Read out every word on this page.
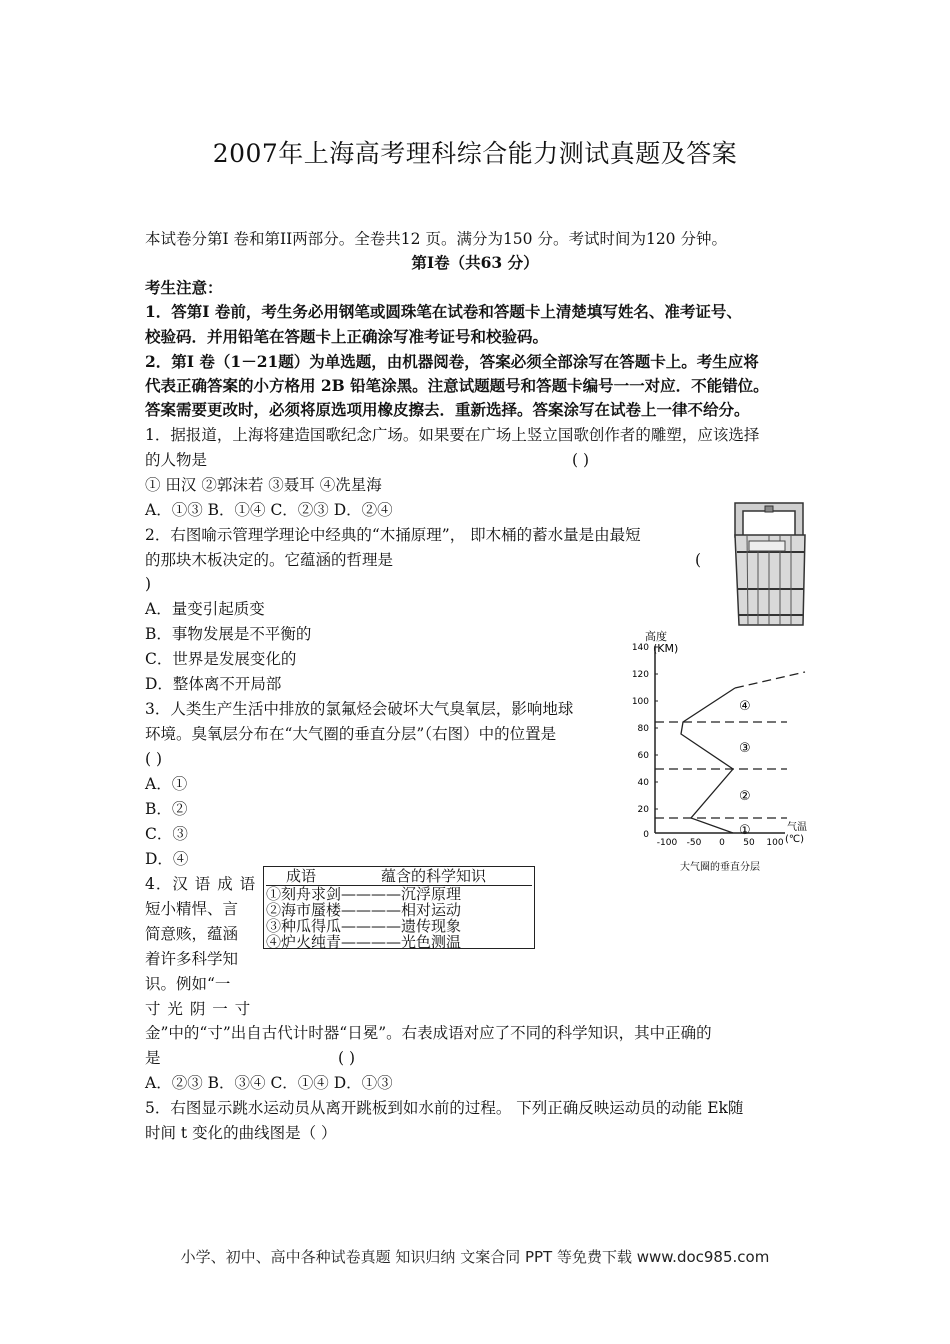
2007年上海高考理科综合能力测试真题及答案
本试卷分第Ⅰ 卷和第II两部分。全卷共12 页。满分为150 分。考试时间为120 分钟。
第Ⅰ卷（共63 分）
考生注意：
1．答第Ⅰ 卷前，考生务必用钢笔或圆珠笔在试卷和答题卡上清楚填写姓名、准考证号、
校验码．并用铅笔在答题卡上正确涂写准考证号和校验码。
2．第Ⅰ 卷（1－21题）为单选题，由机器阅卷，答案必须全部涂写在答题卡上。考生应将
代表正确答案的小方格用 2B 铅笔涂黑。注意试题题号和答题卡编号一一对应．不能错位。
答案需要更改时，必须将原选项用橡皮擦去．重新选择。答案涂写在试卷上一律不给分。
1．据报道，上海将建造国歌纪念广场。如果要在广场上竖立国歌创作者的雕塑，应该选择
的人物是	( )
① 田汉 ②郭沫若 ③聂耳 ④冼星海
A．①③ B．①④ C．②③ D．②④
2．右图喻示管理学理论中经典的“木捅原理”， 即木桶的蓄水量是由最短
的那块木板决定的。它蕴涵的哲理是	(
)
A．量变引起质变
B．事物发展是不平衡的
C．世界是发展变化的
D．整体离不开局部
3．人类生产生活中排放的氯氟烃会破坏大气臭氧层，影响地球
环境。臭氧层分布在“大气圈的垂直分层”（右图）中的位置是
( )
A．①
B．②
C．③
D．④
高度
(KM)
140
120
100
80
60
40
20
0
-100 -50 0 50 100
气温
(℃)
①
②
③
④
大气圈的垂直分层
4．汉 语 成 语
短小精悍、言
简意赅，蕴涵
着许多科学知
识。例如“一
寸 光 阴 一 寸
金”中的“寸”出自古代计时器“日冕”。右表成语对应了不同的科学知识，其中正确的
是	( )
A．②③ B．③④ C．①④ D．①③
成语	蕴含的科学知识
①刻舟求剑————沉浮原理
②海市蜃楼————相对运动
③种瓜得瓜————遗传现象
④炉火纯青————光色测温
5．右图显示跳水运动员从离开跳板到如水前的过程。 下列正确反映运动员的动能 Ek随
时间 t 变化的曲线图是（ ）
小学、初中、高中各种试卷真题 知识归纳 文案合同 PPT 等免费下载 www.doc985.com
